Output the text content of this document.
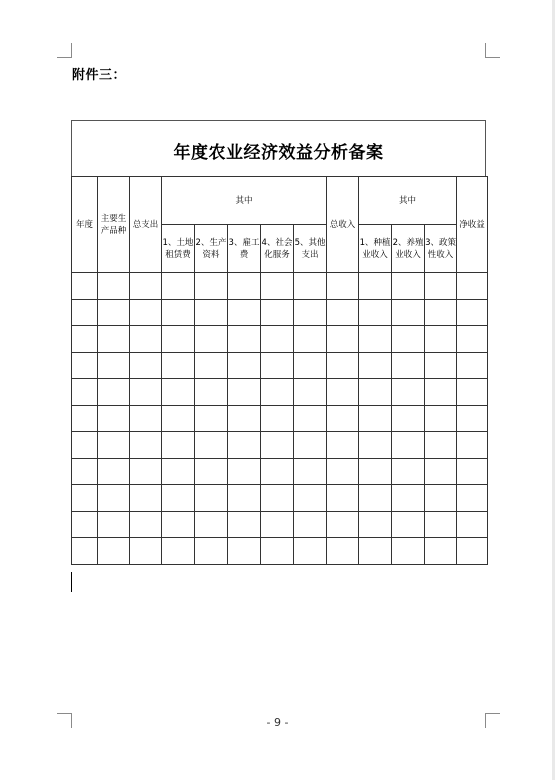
附件三：
年度农业经济效益分析备案
年度	主要生产品种	总支出	其中					总收入	其中			净收益
			1、土地租赁费	2、生产资料	3、雇工费	4、社会化服务	5、其他支出		1、种植业收入	2、养殖业收入	3、政策性收入	

- 9 -
